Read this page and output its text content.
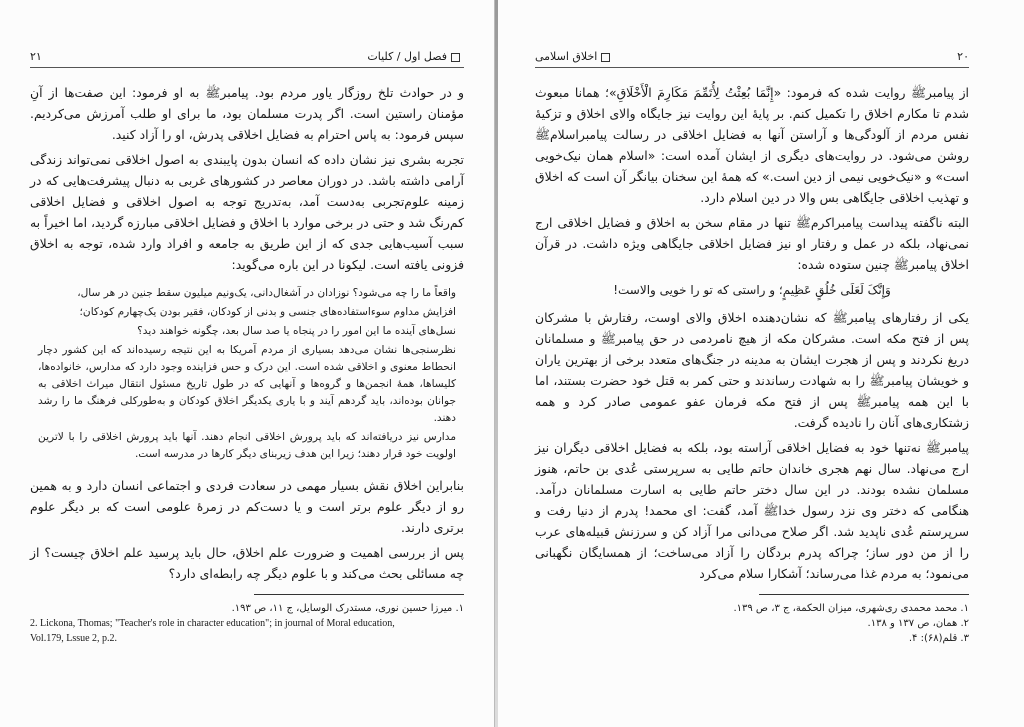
فصل اول / کلیات
۲۱

و در حوادث تلخ روزگار یاور مردم بود. پیامبرﷺ به او فرمود: این صفت‌ها از آنِ مؤمنان راستین است. اگر پدرت مسلمان بود، ما برای او طلب آمرزش می‌کردیم. سپس فرمود: به پاس احترام به فضایل اخلاقی پدرش، او را آزاد کنید.

تجربه بشری نیز نشان داده که انسان بدون پایبندی به اصول اخلاقی نمی‌تواند زندگی آرامی داشته باشد. در دوران معاصر در کشورهای غربی به دنبال پیشرفت‌هایی که در زمینه علوم‌تجربی به‌دست آمد، به‌تدریج توجه به اصول اخلاقی و فضایل اخلاقی کم‌رنگ شد و حتی در برخی موارد با اخلاق و فضایل اخلاقی مبارزه گردید، اما اخیراً به سبب آسیب‌هایی جدی که از این طریق به جامعه و افراد وارد شده، توجه به اخلاق فزونی یافته است. لیکونا در این باره می‌گوید:

واقعاً ما را چه می‌شود؟ نوزادان در آشغال‌دانی، یک‌ونیم میلیون سقط جنین در هر سال،
افزایش مداوم سوءاستفاده‌های جنسی و بدنی از کودکان، فقیر بودن یک‌چهارم کودکان؛
نسل‌های آینده ما این امور را در پنجاه یا صد سال بعد، چگونه خواهند دید؟
نظرسنجی‌ها نشان می‌دهد بسیاری از مردم آمریکا به این نتیجه رسیده‌اند که این کشور دچار انحطاط معنوی و اخلاقی شده است. این درک و حس فزاینده وجود دارد که مدارس، خانواده‌ها، کلیساها، همهٔ انجمن‌ها و گروه‌ها و آنهایی که در طول تاریخ مسئول انتقال میراث اخلاقی به جوانان بوده‌اند، باید گردهم آیند و با یاری یکدیگر اخلاق کودکان و به‌طورکلی فرهنگ ما را رشد دهند.
مدارس نیز دریافته‌اند که باید پرورش اخلاقی انجام دهند. آنها باید پرورش اخلاقی را با لاترین اولویت خود قرار دهند؛ زیرا این هدف زیربنای دیگر کارها در مدرسه است.

بنابراین اخلاق نقش بسیار مهمی در سعادت فردی و اجتماعی انسان دارد و به همین رو از دیگر علوم برتر است و یا دست‌کم در زمرهٔ علومی است که بر دیگر علوم برتری دارند.

پس از بررسی اهمیت و ضرورت علم اخلاق، حال باید پرسید علم اخلاق چیست؟ از چه مسائلی بحث می‌کند و با علوم دیگر چه رابطه‌ای دارد؟

۱. میرزا حسین نوری، مستدرک الوسایل، ج ۱۱، ص ۱۹۳.

2. Lickona, Thomas; "Teacher's role in character education"; in journal of Moral education,

Vol.179, Lssue 2, p.2.

۲۰
اخلاق اسلامی

از پیامبرﷺ روایت شده که فرمود: «إِنَّمَا بُعِثْتُ لِأُتَمِّمَ مَکَارِمَ الْأَخْلَاقِ»؛ همانا مبعوث شدم تا مکارم اخلاق را تکمیل کنم. بر پایهٔ این روایت نیز جایگاه والای اخلاق و تزکیهٔ نفس مردم از آلودگی‌ها و آراستن آنها به فضایل اخلاقی در رسالت پیامبراسلامﷺ روشن می‌شود. در روایت‌های دیگری از ایشان آمده است: «اسلام همان نیک‌خویی است» و «نیک‌خویی نیمی از دین است.» که همهٔ این سخنان بیانگر آن است که اخلاق و تهذیب اخلاقی جایگاهی بس والا در دین اسلام دارد.

البته ناگفته پیداست پیامبراکرمﷺ تنها در مقام سخن به اخلاق و فضایل اخلاقی ارج نمی‌نهاد، بلکه در عمل و رفتار او نیز فضایل اخلاقی جایگاهی ویژه داشت. در قرآن اخلاق پیامبرﷺ چنین ستوده شده:

وَإِنَّکَ لَعَلَى خُلُقٍ عَظِیمٍ؛ و راستی که تو را خویی والاست!

یکی از رفتارهای پیامبرﷺ که نشان‌دهنده اخلاق والای اوست، رفتارش با مشرکان پس از فتح مکه است. مشرکان مکه از هیچ نامردمی در حق پیامبرﷺ و مسلمانان دریغ نکردند و پس از هجرت ایشان به مدینه در جنگ‌های متعدد برخی از بهترین یاران و خویشان پیامبرﷺ را به شهادت رساندند و حتی کمر به قتل خود حضرت بستند، اما با این همه پیامبرﷺ پس از فتح مکه فرمان عفو عمومی صادر کرد و همه زشتکاری‌های آنان را نادیده گرفت.

پیامبرﷺ نه‌تنها خود به فضایل اخلاقی آراسته بود، بلکه به فضایل اخلاقی دیگران نیز ارج می‌نهاد. سال نهم هجری خاندان حاتم طایی به سرپرستی عُدی بن حاتم، هنوز مسلمان نشده بودند. در این سال دختر حاتم طایی به اسارت مسلمانان درآمد. هنگامی که دختر وی نزد رسول خداﷺ آمد، گفت: ای محمد! پدرم از دنیا رفت و سرپرستم عُدی ناپدید شد. اگر صلاح می‌دانی مرا آزاد کن و سرزنش قبیله‌های عرب را از من دور ساز؛ چراکه پدرم بردگان را آزاد می‌ساخت؛ از همسایگان نگهبانی می‌نمود؛ به مردم غذا می‌رساند؛ آشکارا سلام می‌کرد

۱. محمد محمدی ری‌شهری، میزان الحکمة، ج ۳، ص ۱۳۹.

۲. همان، ص ۱۳۷ و ۱۳۸.

۳. قلم(۶۸): ۴.
